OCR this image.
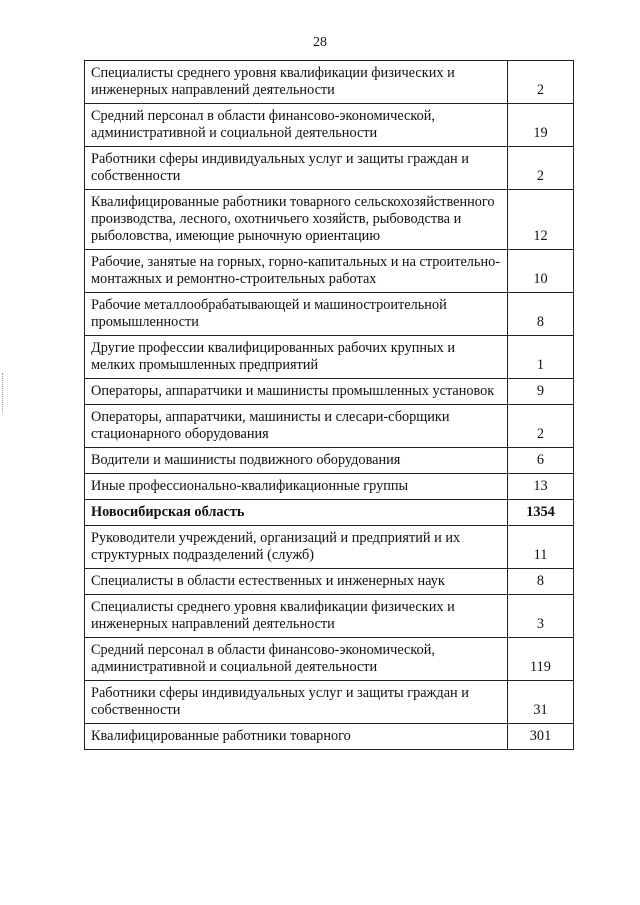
28
Специалисты среднего уровня квалификации физических и инженерных направлений деятельности	2
Средний персонал в области финансово-экономической, административной и социальной деятельности	19
Работники сферы индивидуальных услуг и защиты граждан и собственности	2
Квалифицированные работники товарного сельскохозяйственного производства, лесного, охотничьего хозяйств, рыбоводства и рыболовства, имеющие рыночную ориентацию	12
Рабочие, занятые на горных, горно-капитальных и на строительно-монтажных и ремонтно-строительных работах	10
Рабочие металлообрабатывающей и машиностроительной промышленности	8
Другие профессии квалифицированных рабочих крупных и мелких промышленных предприятий	1
Операторы, аппаратчики и машинисты промышленных установок	9
Операторы, аппаратчики, машинисты и слесари-сборщики стационарного оборудования	2
Водители и машинисты подвижного оборудования	6
Иные профессионально-квалификационные группы	13
Новосибирская область	1354
Руководители учреждений, организаций и предприятий и их структурных подразделений (служб)	11
Специалисты в области естественных и инженерных наук	8
Специалисты среднего уровня квалификации физических и инженерных направлений деятельности	3
Средний персонал в области финансово-экономической, административной и социальной деятельности	119
Работники сферы индивидуальных услуг и защиты граждан и собственности	31
Квалифицированные работники товарного	301
